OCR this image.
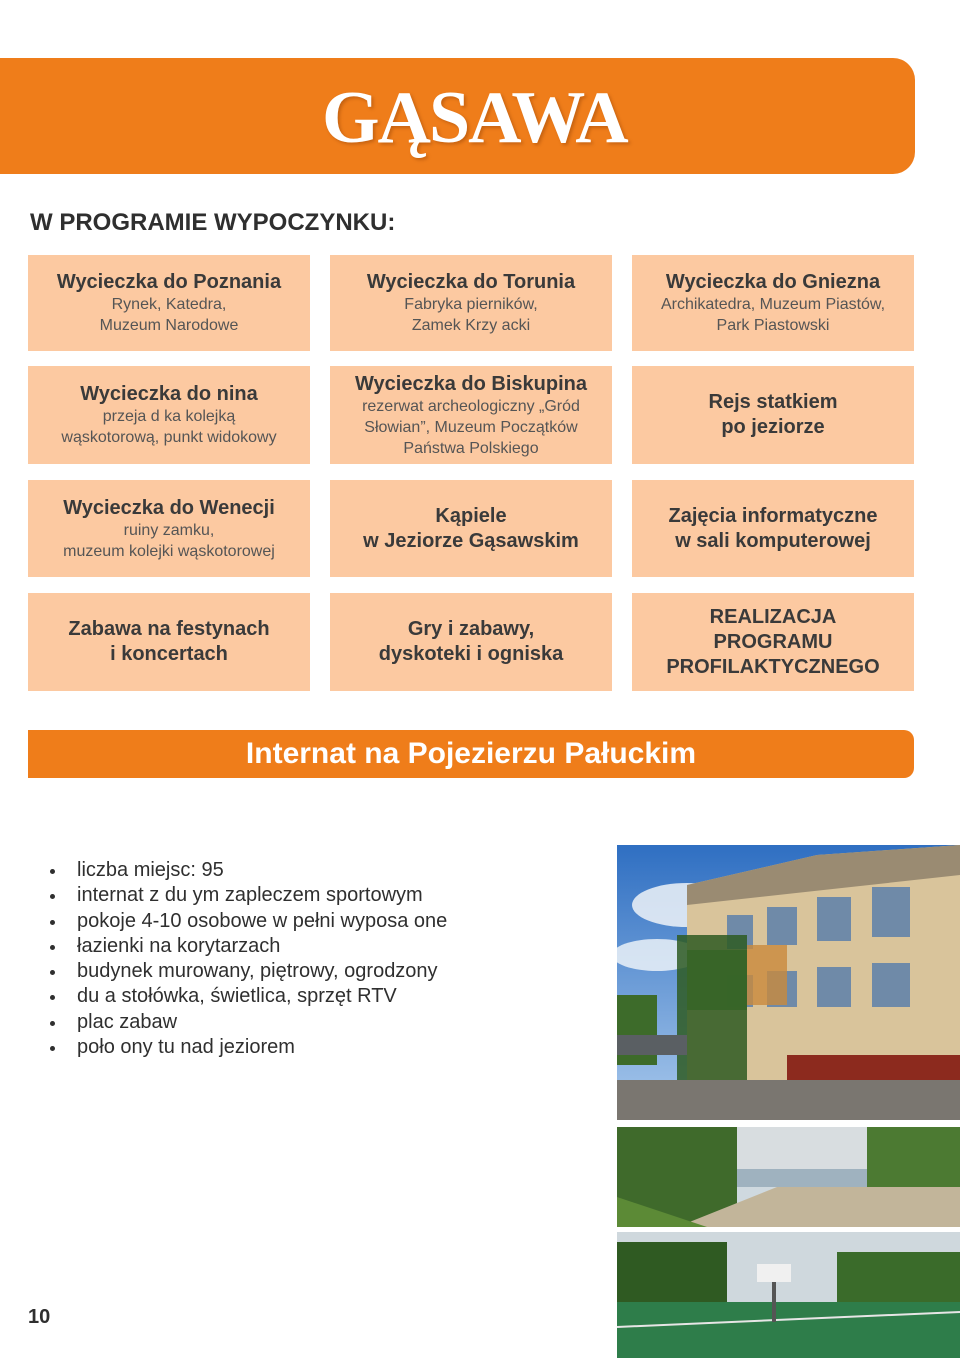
GĄSAWA
W PROGRAMIE WYPOCZYNKU:
Wycieczka do Poznania
Rynek, Katedra,
Muzeum Narodowe
Wycieczka do Torunia
Fabryka pierników,
Zamek Krzy acki
Wycieczka do Gniezna
Archikatedra, Muzeum Piastów,
Park Piastowski
Wycieczka do nina
przeja d ka kolejką
wąskotorową, punkt widokowy
Wycieczka do Biskupina
rezerwat archeologiczny „Gród
Słowian”, Muzeum Początków
Państwa Polskiego
Rejs statkiem
po jeziorze
Wycieczka do Wenecji
ruiny zamku,
muzeum kolejki wąskotorowej
Kąpiele
w Jeziorze Gąsawskim
Zajęcia informatyczne
w sali komputerowej
Zabawa na festynach
i koncertach
Gry i zabawy,
dyskoteki i ogniska
REALIZACJA
PROGRAMU
PROFILAKTYCZNEGO
Internat na Pojezierzu Pałuckim
liczba miejsc: 95
internat z du ym zapleczem sportowym
pokoje 4-10 osobowe w pełni wyposa one
łazienki na korytarzach
budynek murowany, piętrowy, ogrodzony
du a stołówka, świetlica, sprzęt RTV
plac zabaw
poło ony tu nad jeziorem
10
